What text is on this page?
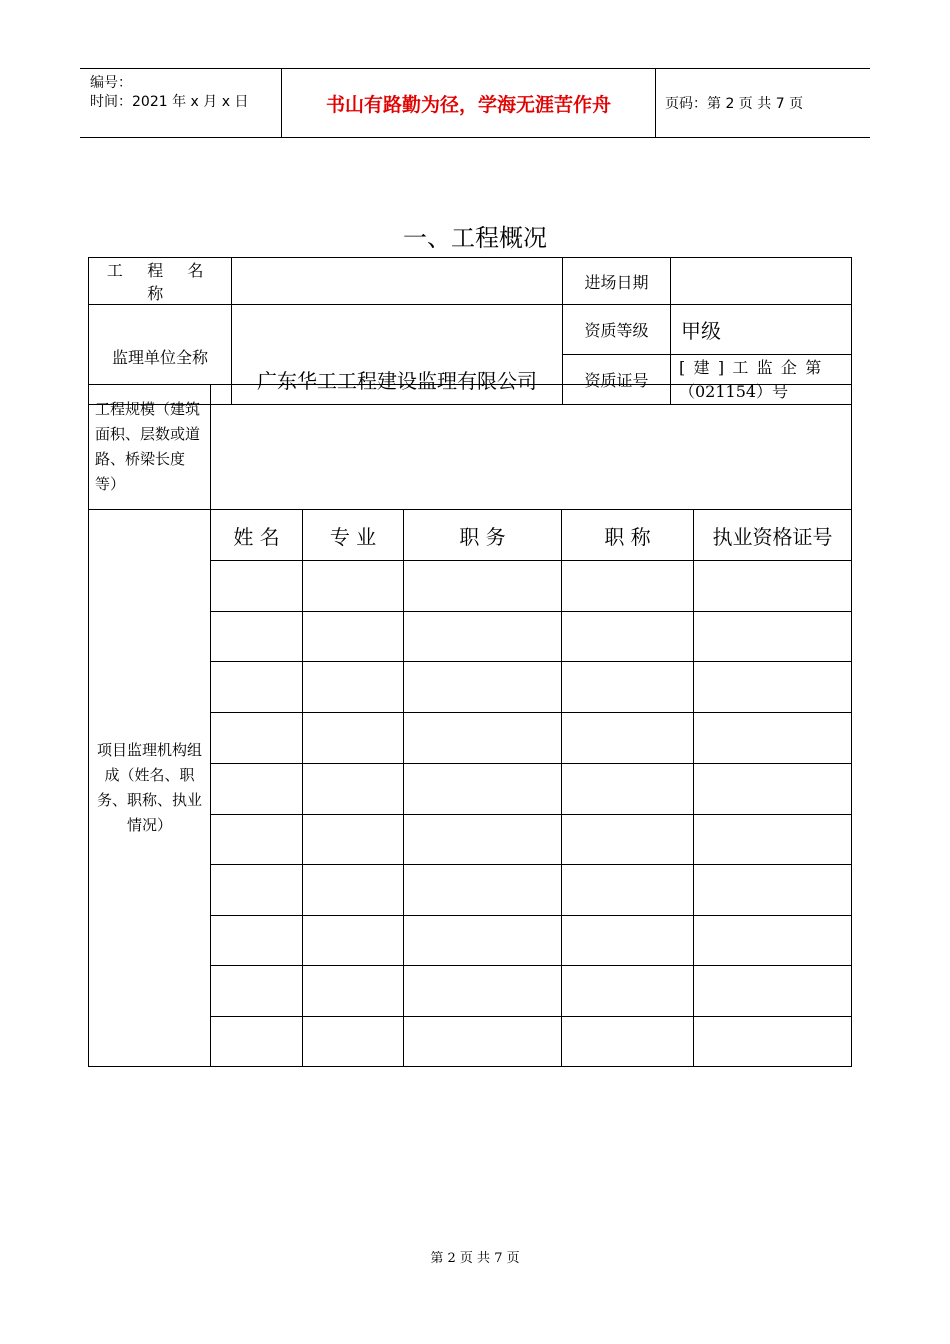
编号：
时间：2021 年 x 月 x 日	书山有路勤为径，学海无涯苦作舟	页码：第 2 页 共 7 页
一、工程概况
工 程 名 称		进场日期	

监理单位全称	广东华工工程建设监理有限公司	资质等级	甲级
		资质证号	[ 建 ] 工 监 企 第
（021154）号
工程规模（建筑面积、层数或道路、桥梁长度等）	
项目监理机构组成（姓名、职务、职称、执业情况）	姓 名	专 业	职 务	职 称	执业资格证号

第 2 页 共 7 页
